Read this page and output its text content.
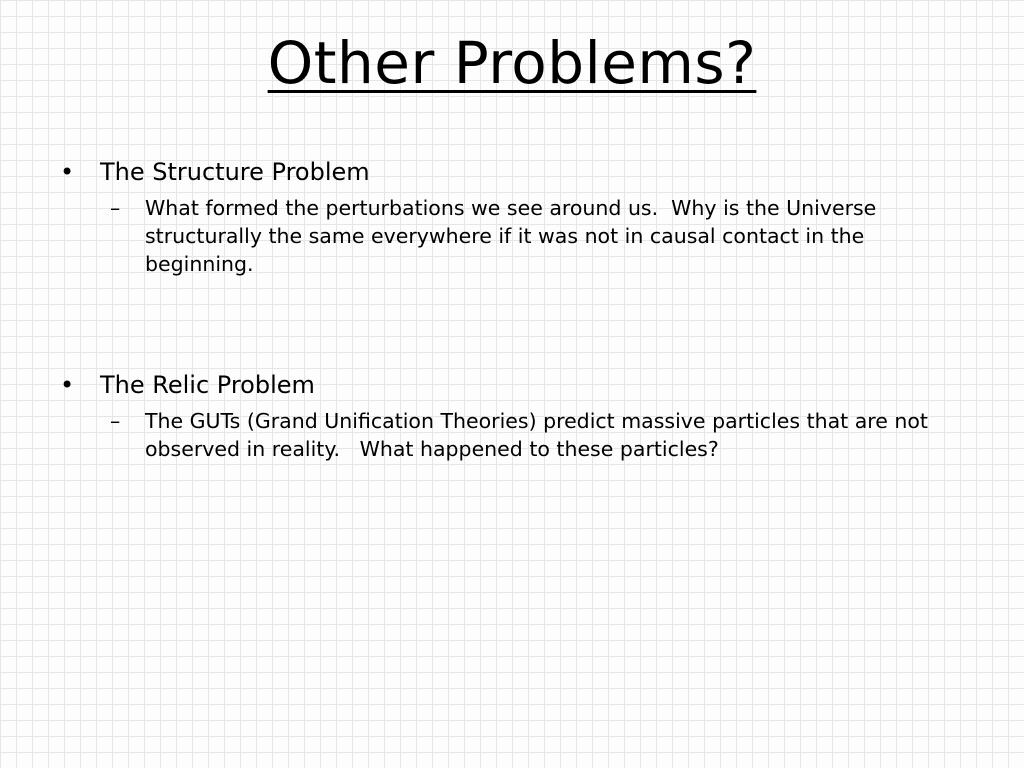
Other Problems?
•	The Structure Problem
–	What formed the perturbations we see around us.  Why is the Universe structurally the same everywhere if it was not in causal contact in the beginning.
•	The Relic Problem
–	The GUTs (Grand Unification Theories) predict massive particles that are not observed in reality.   What happened to these particles?
